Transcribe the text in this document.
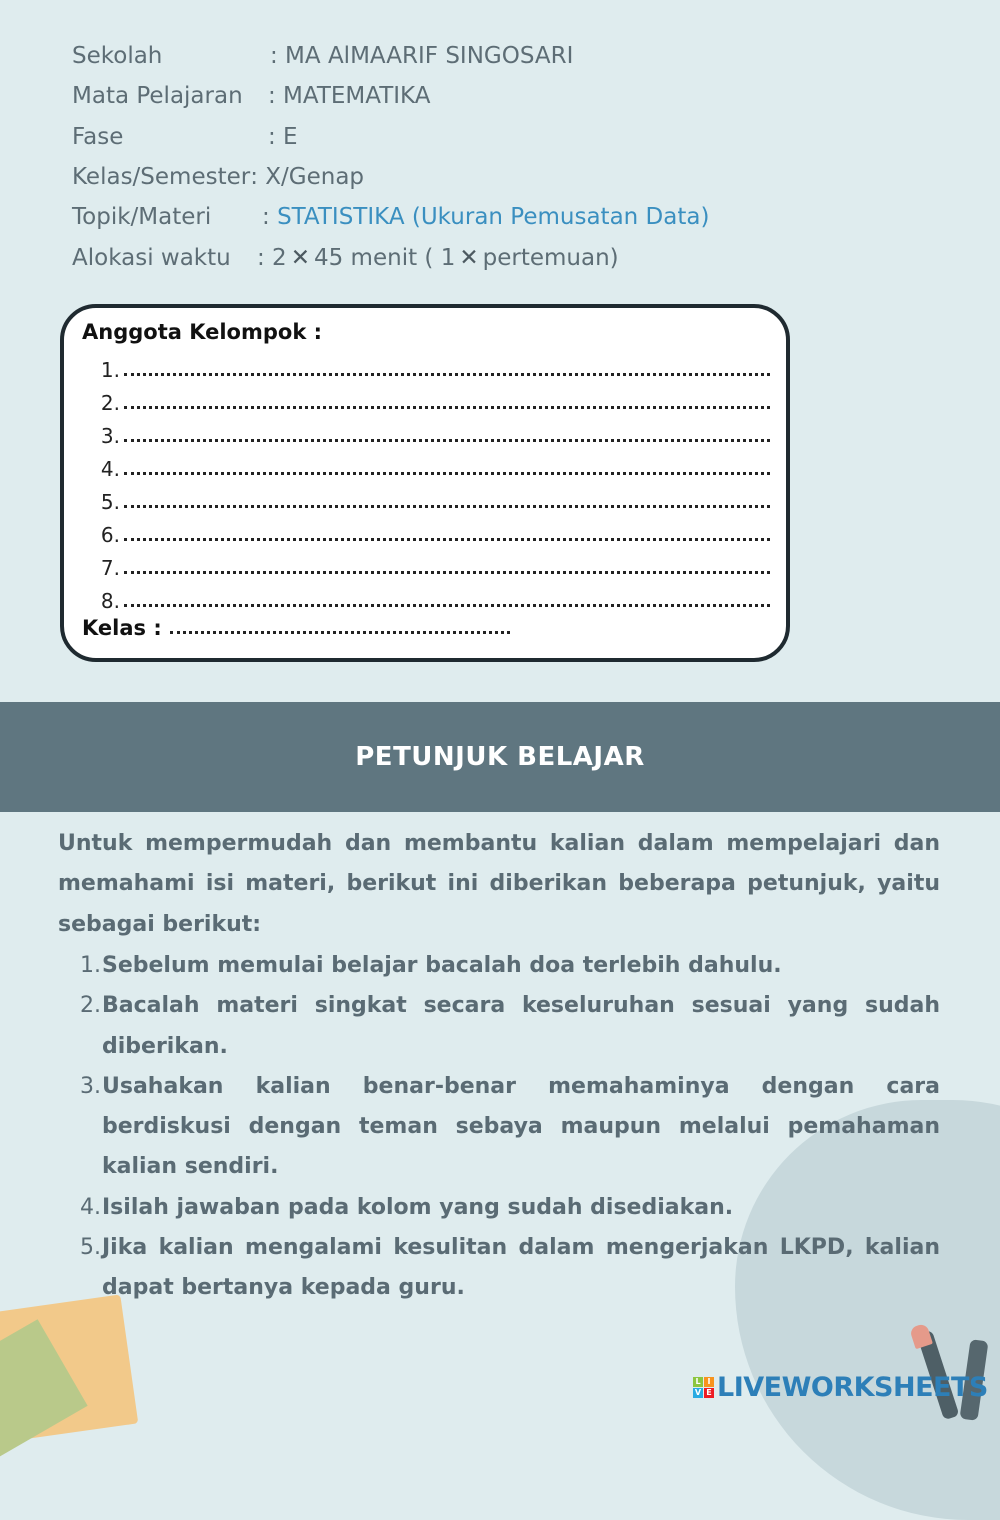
Sekolah	: MA AlMAARIF SINGOSARI
Mata Pelajaran : MATEMATIKA
Fase	: E
Kelas/Semester : X/Genap
Topik/Materi : STATISTIKA (Ukuran Pemusatan Data)
Alokasi waktu : 2 ✕ 45 menit ( 1 ✕ pertemuan)
Anggota Kelompok :
1.
2.
3.
4.
5.
6.
7.
8.
Kelas :
PETUNJUK BELAJAR
Untuk mempermudah dan membantu kalian dalam mempelajari dan memahami isi materi, berikut ini diberikan beberapa petunjuk, yaitu sebagai berikut:
1. Sebelum memulai belajar bacalah doa terlebih dahulu.
2. Bacalah materi singkat secara keseluruhan sesuai yang sudah diberikan.
3. Usahakan kalian benar-benar memahaminya dengan cara berdiskusi dengan teman sebaya maupun melalui pemahaman kalian sendiri.
4. Isilah jawaban pada kolom yang sudah disediakan.
5. Jika kalian mengalami kesulitan dalam mengerjakan LKPD, kalian dapat bertanya kepada guru.
L I
V E LIVEWORKSHEETS
